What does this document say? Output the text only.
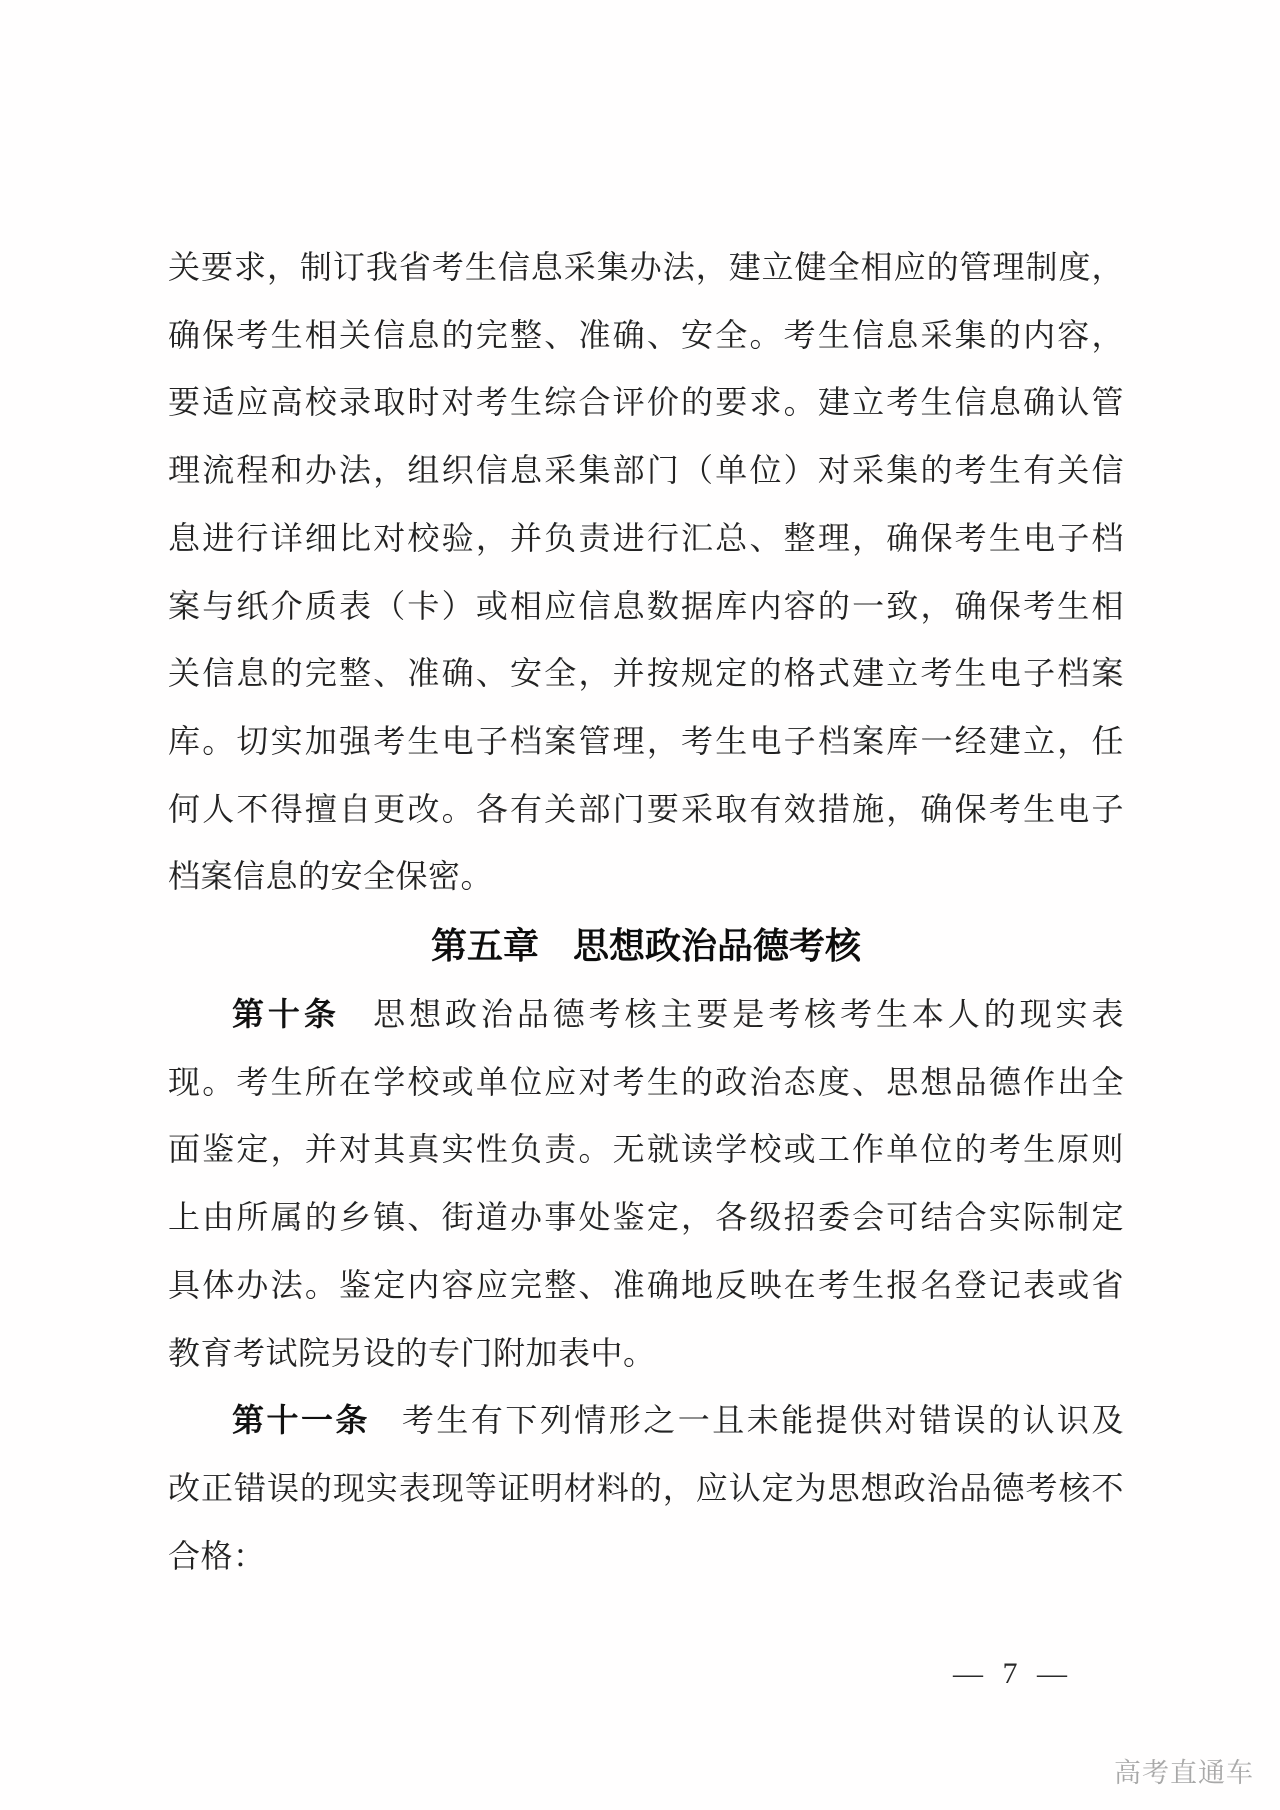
关要求，制订我省考生信息采集办法，建立健全相应的管理制度，
确保考生相关信息的完整、准确、安全。考生信息采集的内容，
要适应高校录取时对考生综合评价的要求。建立考生信息确认管
理流程和办法，组织信息采集部门（单位）对采集的考生有关信
息进行详细比对校验，并负责进行汇总、整理，确保考生电子档
案与纸介质表（卡）或相应信息数据库内容的一致，确保考生相
关信息的完整、准确、安全，并按规定的格式建立考生电子档案
库。切实加强考生电子档案管理，考生电子档案库一经建立，任
何人不得擅自更改。各有关部门要采取有效措施，确保考生电子
档案信息的安全保密。
第五章 思想政治品德考核
第十条 思想政治品德考核主要是考核考生本人的现实表
现。考生所在学校或单位应对考生的政治态度、思想品德作出全
面鉴定，并对其真实性负责。无就读学校或工作单位的考生原则
上由所属的乡镇、街道办事处鉴定，各级招委会可结合实际制定
具体办法。鉴定内容应完整、准确地反映在考生报名登记表或省
教育考试院另设的专门附加表中。
第十一条 考生有下列情形之一且未能提供对错误的认识及
改正错误的现实表现等证明材料的，应认定为思想政治品德考核不
合格：
— 7 —
高考直通车
